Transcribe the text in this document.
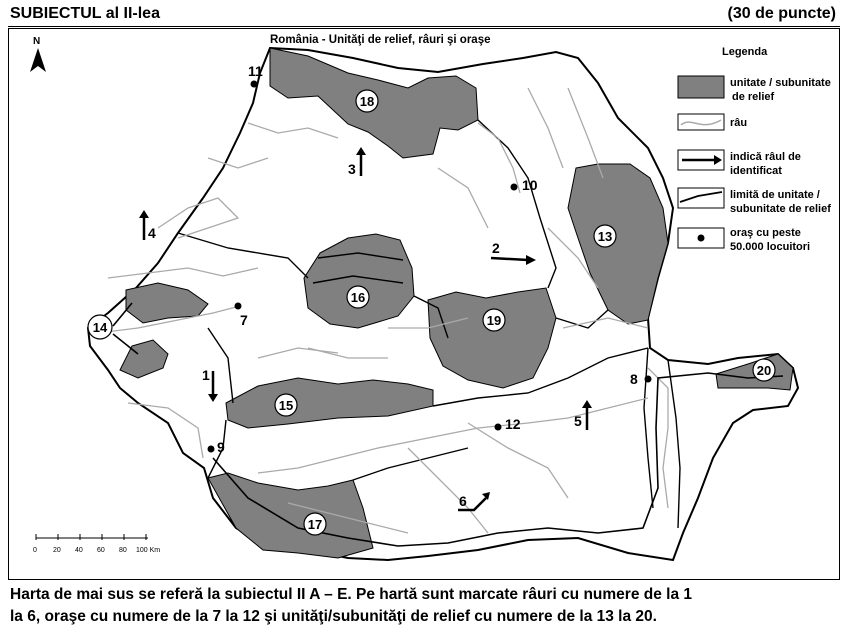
SUBIECTUL al II-lea	(30 de puncte)
România - Unităţi de relief, râuri şi oraşe
N
Legenda
unitate / subunitate
de relief
râu
indică râul de
identificat
limită de unitate /
subunitate de relief
oraş cu peste
50.000 locuitori
0 20 40 60 80 100 Km
1
2
3
4
5
6
7
8
9
10
11
12
13
14
15
16
17
18
19
20
Harta de mai sus se referă la subiectul II A – E. Pe hartă sunt marcate râuri cu numere de la 1
la 6, oraşe cu numere de la 7 la 12 şi unităţi/subunităţi de relief cu numere de la 13 la 20.
